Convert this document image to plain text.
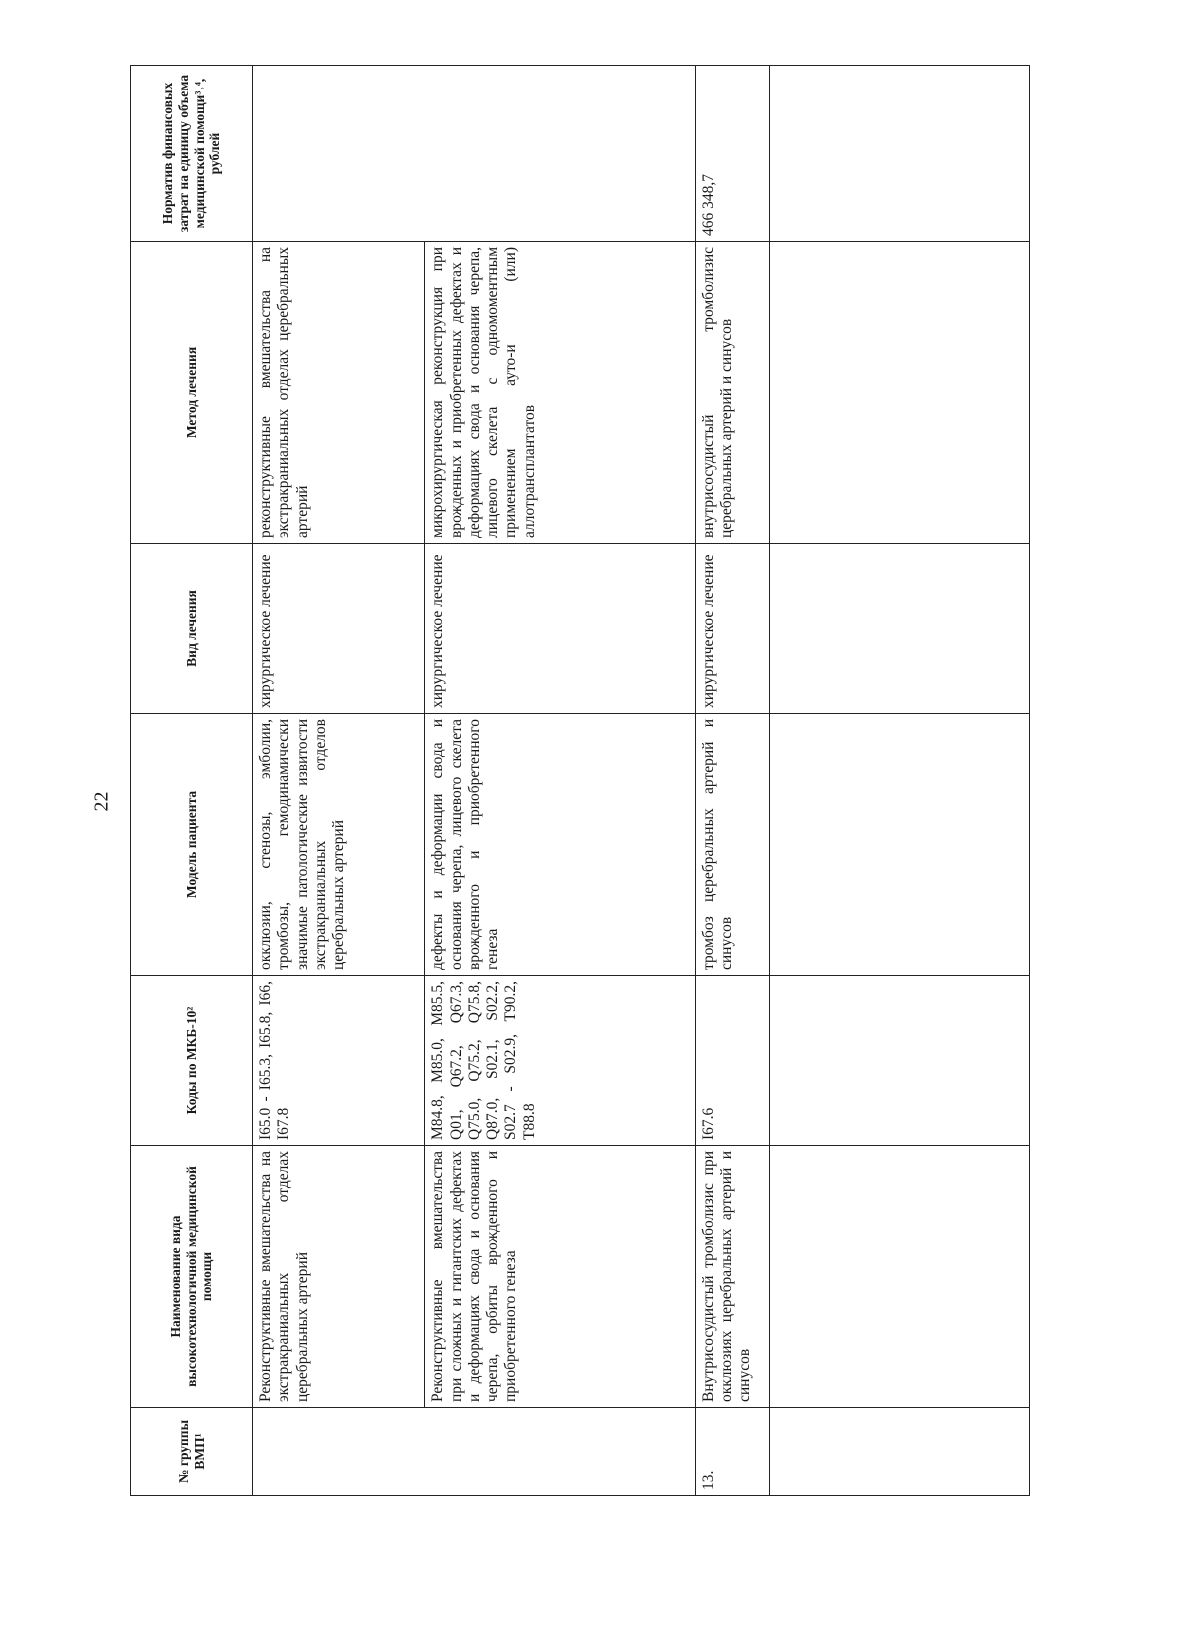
22
№ группы ВМП¹	Наименование вида высокотехнологичной медицинской помощи	Коды по МКБ-10²	Модель пациента	Вид лечения	Метод лечения	Норматив финансовых затрат на единицу объема медицинской помощи³˒⁴, рублей
	Реконструктивные вмешательства на экстракраниальных отделах церебральных артерий	I65.0 - I65.3, I65.8, I66, I67.8	окклюзии, стенозы, эмболии, тромбозы, гемодинамически значимые патологические извитости экстракраниальных отделов церебральных артерий	хирургическое лечение	реконструктивные вмешательства на экстракраниальных отделах церебральных артерий	
	Реконструктивные вмешательства при сложных и гигантских дефектах и деформациях свода и основания черепа, орбиты врожденного и приобретенного генеза	M84.8, M85.0, M85.5, Q01, Q67.2, Q67.3, Q75.0, Q75.2, Q75.8, Q87.0, S02.1, S02.2, S02.7 - S02.9, T90.2, T88.8	дефекты и деформации свода и основания черепа, лицевого скелета врожденного и приобретенного генеза	хирургическое лечение	микрохирургическая реконструкция при врожденных и приобретенных дефектах и деформациях свода и основания черепа, лицевого скелета с одномоментным применением ауто-и (или) аллотрансплантатов	
13.	Внутрисосудистый тромболизис при окклюзиях церебральных артерий и синусов	I67.6	тромбоз церебральных артерий и синусов	хирургическое лечение	внутрисосудистый тромболизис церебральных артерий и синусов	466 348,7
